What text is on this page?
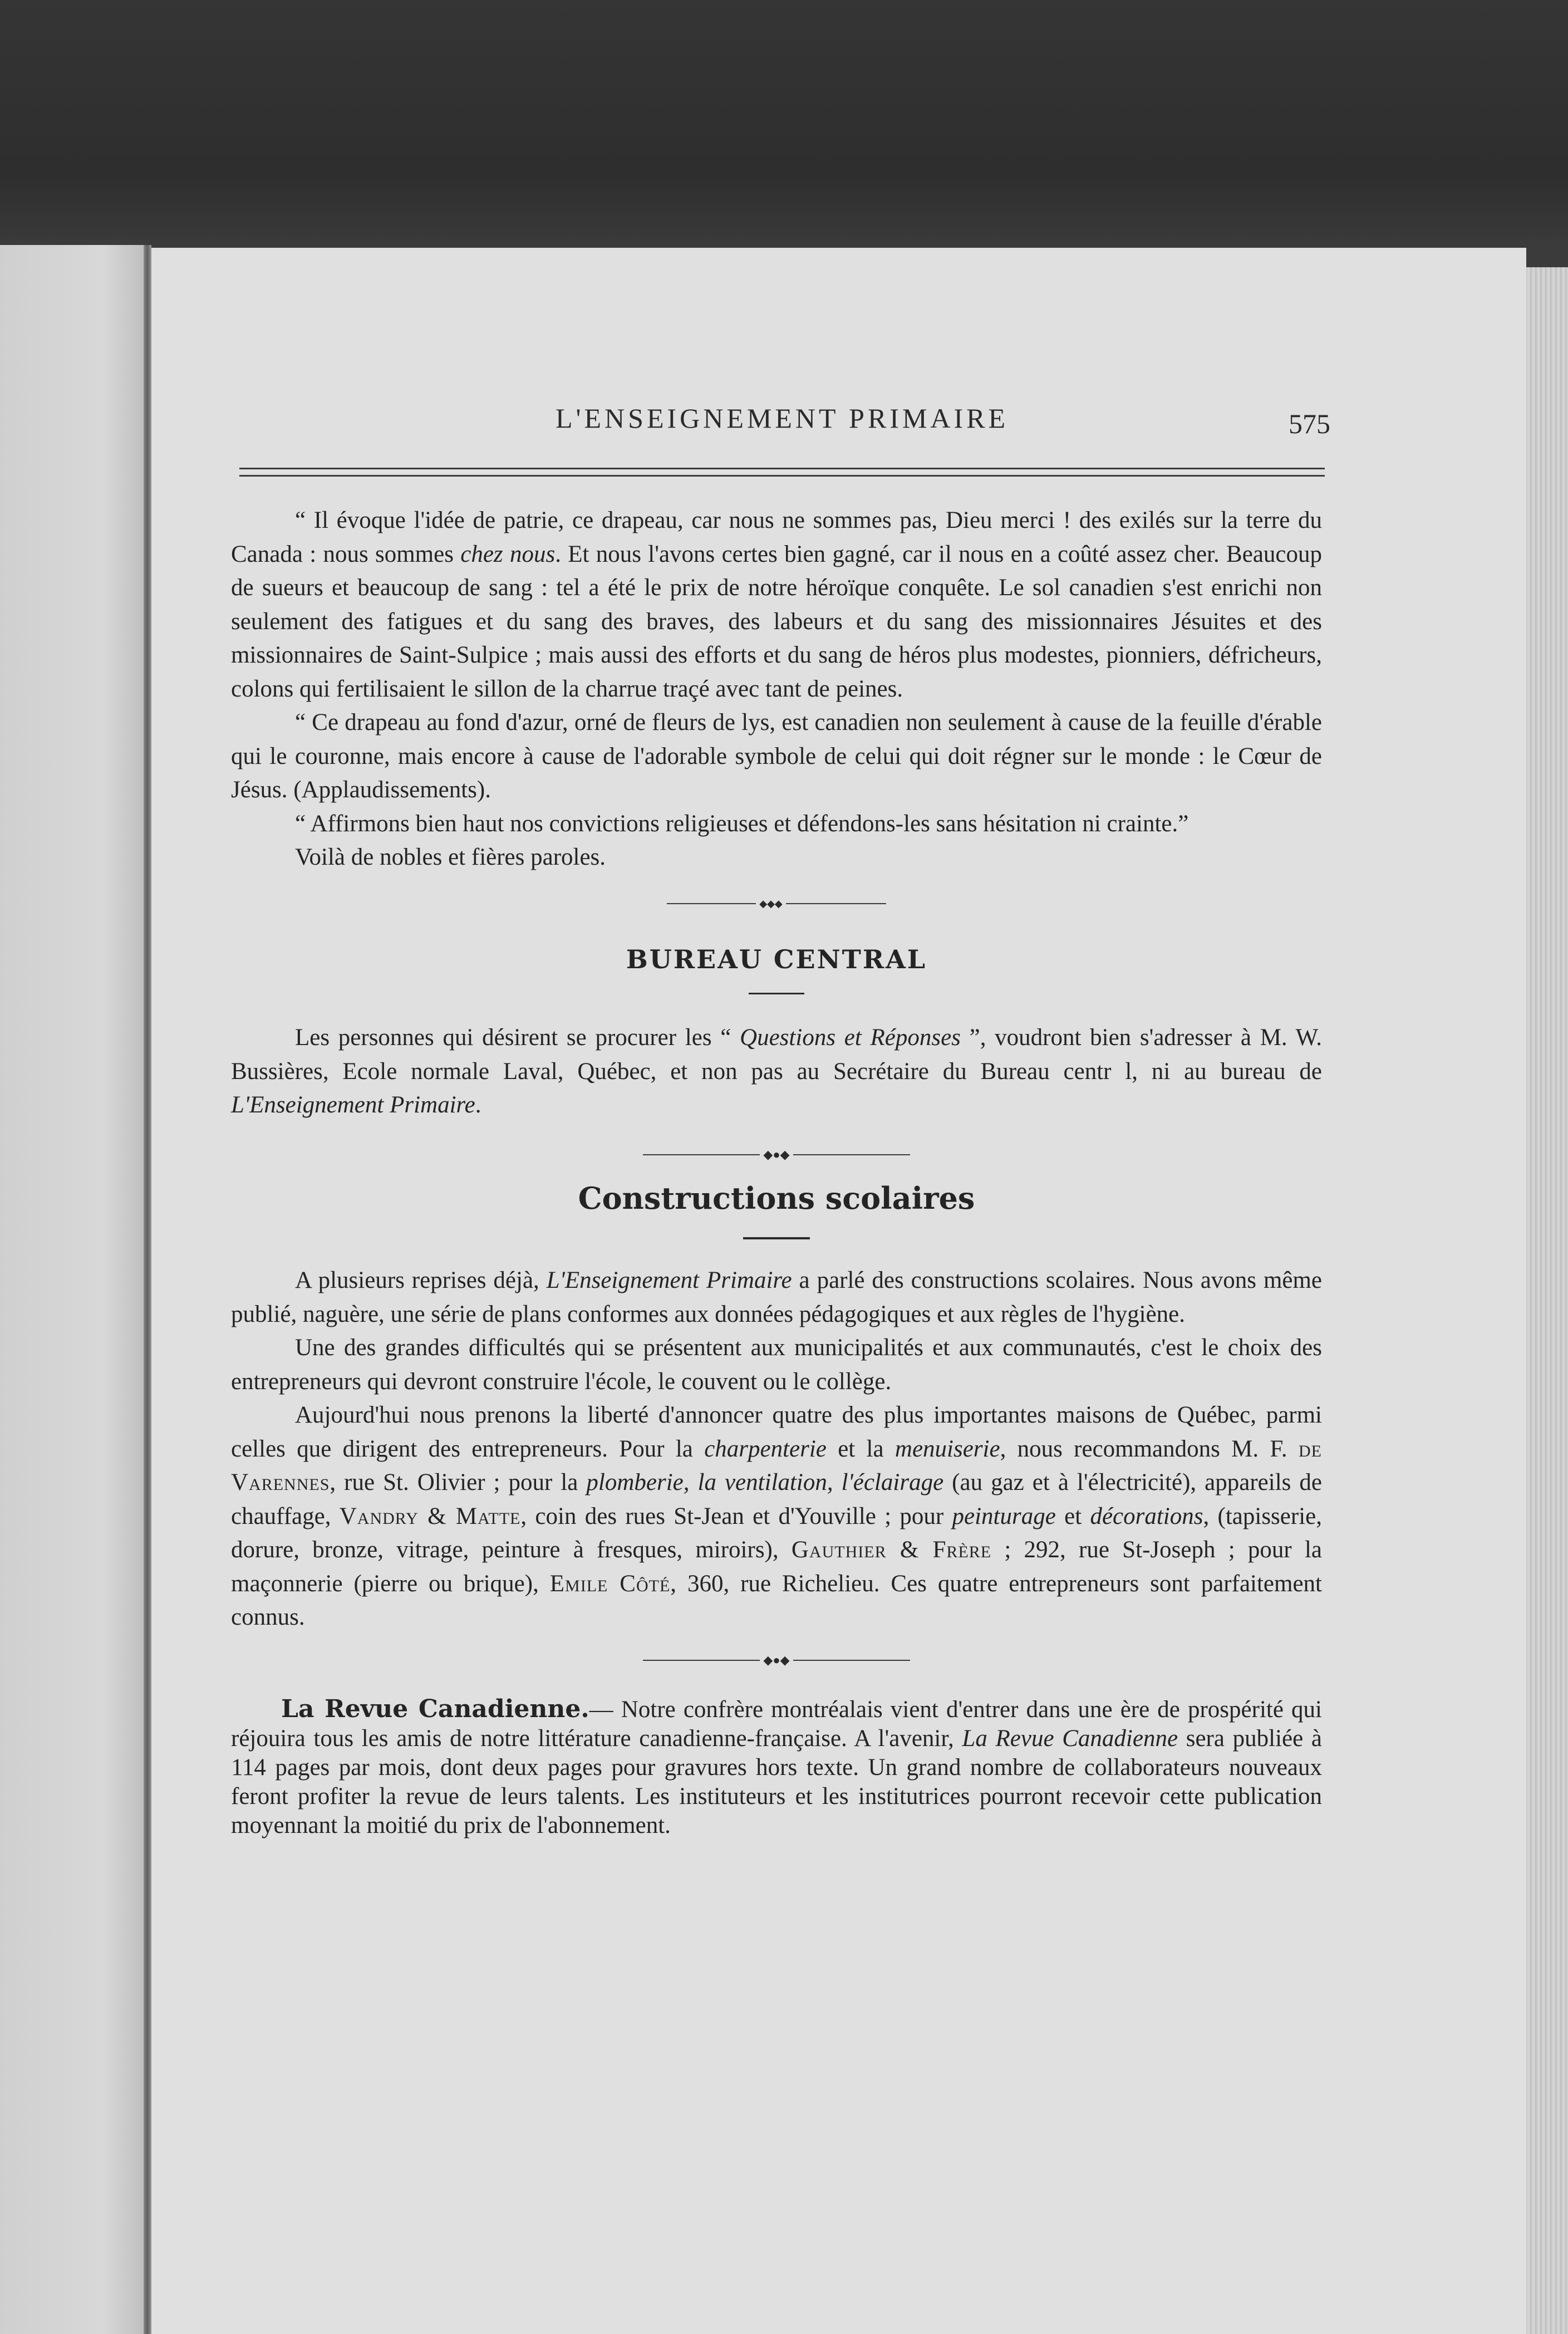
L'ENSEIGNEMENT PRIMAIRE	575

“ Il évoque l'idée de patrie, ce drapeau, car nous ne sommes pas, Dieu merci ! des exilés sur la terre du Canada : nous sommes chez nous. Et nous l'avons certes bien gagné, car il nous en a coûté assez cher. Beaucoup de sueurs et beaucoup de sang : tel a été le prix de notre héroïque conquête. Le sol canadien s'est enrichi non seulement des fatigues et du sang des braves, des labeurs et du sang des missionnaires Jésuites et des missionnaires de Saint-Sulpice ; mais aussi des efforts et du sang de héros plus modestes, pionniers, défricheurs, colons qui fertilisaient le sillon de la charrue traçé avec tant de peines.

“ Ce drapeau au fond d'azur, orné de fleurs de lys, est canadien non seulement à cause de la feuille d'érable qui le couronne, mais encore à cause de l'adorable symbole de celui qui doit régner sur le monde : le Cœur de Jésus. (Applaudissements).

“ Affirmons bien haut nos convictions religieuses et défendons-les sans hésitation ni crainte.”

Voilà de nobles et fières paroles.

◆◆◆
BUREAU CENTRAL

Les personnes qui désirent se procurer les “ Questions et Réponses ”, voudront bien s'adresser à M. W. Bussières, Ecole normale Laval, Québec, et non pas au Secrétaire du Bureau centr l, ni au bureau de L'Enseignement Primaire.

◆●◆
Constructions scolaires

A plusieurs reprises déjà, L'Enseignement Primaire a parlé des constructions scolaires. Nous avons même publié, naguère, une série de plans conformes aux données pédagogiques et aux règles de l'hygiène.

Une des grandes difficultés qui se présentent aux municipalités et aux communautés, c'est le choix des entrepreneurs qui devront construire l'école, le couvent ou le collège.

Aujourd'hui nous prenons la liberté d'annoncer quatre des plus importantes maisons de Québec, parmi celles que dirigent des entrepreneurs. Pour la charpenterie et la menuiserie, nous recommandons M. F. de Varennes, rue St. Olivier ; pour la plomberie, la ventilation, l'éclairage (au gaz et à l'électricité), appareils de chauffage, Vandry & Matte, coin des rues St-Jean et d'Youville ; pour peinturage et décorations, (tapisserie, dorure, bronze, vitrage, peinture à fresques, miroirs), Gauthier & Frère ; 292, rue St-Joseph ; pour la maçonnerie (pierre ou brique), Emile Côté, 360, rue Richelieu. Ces quatre entrepreneurs sont parfaitement connus.

◆●◆

La Revue Canadienne.— Notre confrère montréalais vient d'entrer dans une ère de prospérité qui réjouira tous les amis de notre littérature canadienne-française. A l'avenir, La Revue Canadienne sera publiée à 114 pages par mois, dont deux pages pour gravures hors texte. Un grand nombre de collaborateurs nouveaux feront profiter la revue de leurs talents. Les instituteurs et les institutrices pourront recevoir cette publication moyennant la moitié du prix de l'abonnement.
